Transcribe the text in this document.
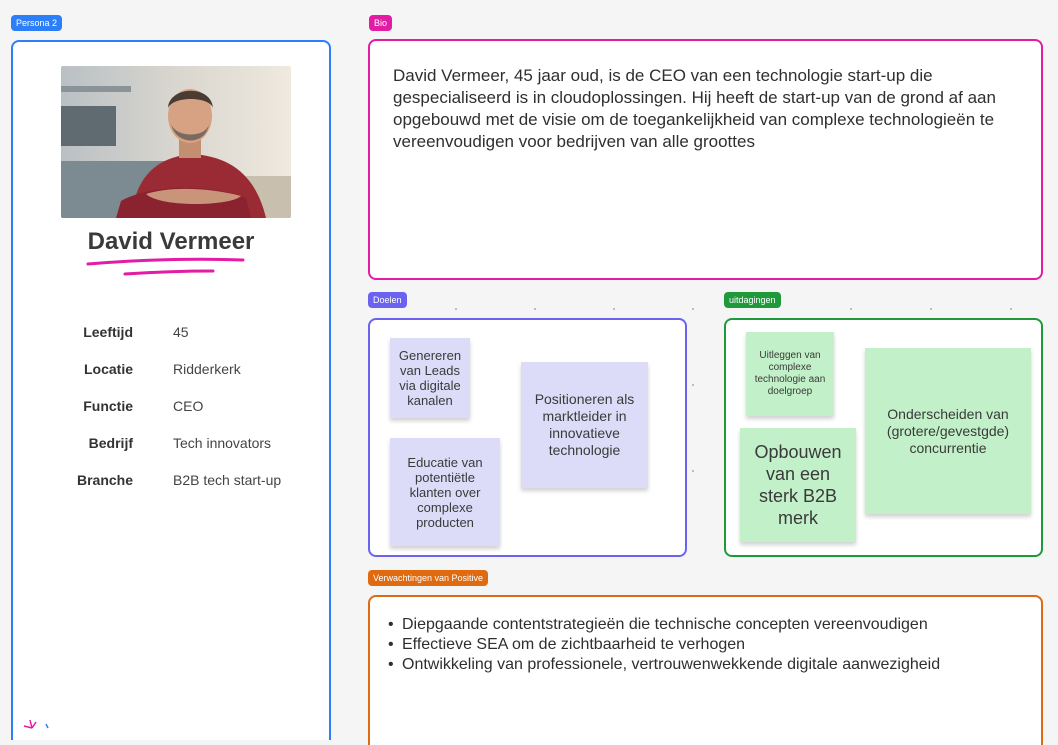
Persona 2
David Vermeer
Leeftijd	45
Locatie	Ridderkerk
Functie	CEO
Bedrijf	Tech innovators
Branche	B2B tech start-up
Bio
David Vermeer, 45 jaar oud, is de CEO van een technologie start-up die gespecialiseerd is in cloudoplossingen. Hij heeft de start-up van de grond af aan opgebouwd met de visie om de toegankelijkheid van complexe technologieën te vereenvoudigen voor bedrijven van alle groottes
Doelen
Genereren van Leads via digitale kanalen
Educatie van potentiëtle klanten over complexe producten
Positioneren als marktleider in innovatieve technologie
uitdagingen
Uitleggen van complexe technologie aan doelgroep
Opbouwen van een sterk B2B merk
Onderscheiden van (grotere/gevestgde) concurrentie
Verwachtingen van Positive
• Diepgaande contentstrategieën die technische concepten vereenvoudigen
• Effectieve SEA om de zichtbaarheid te verhogen
• Ontwikkeling van professionele, vertrouwenwekkende digitale aanwezigheid
